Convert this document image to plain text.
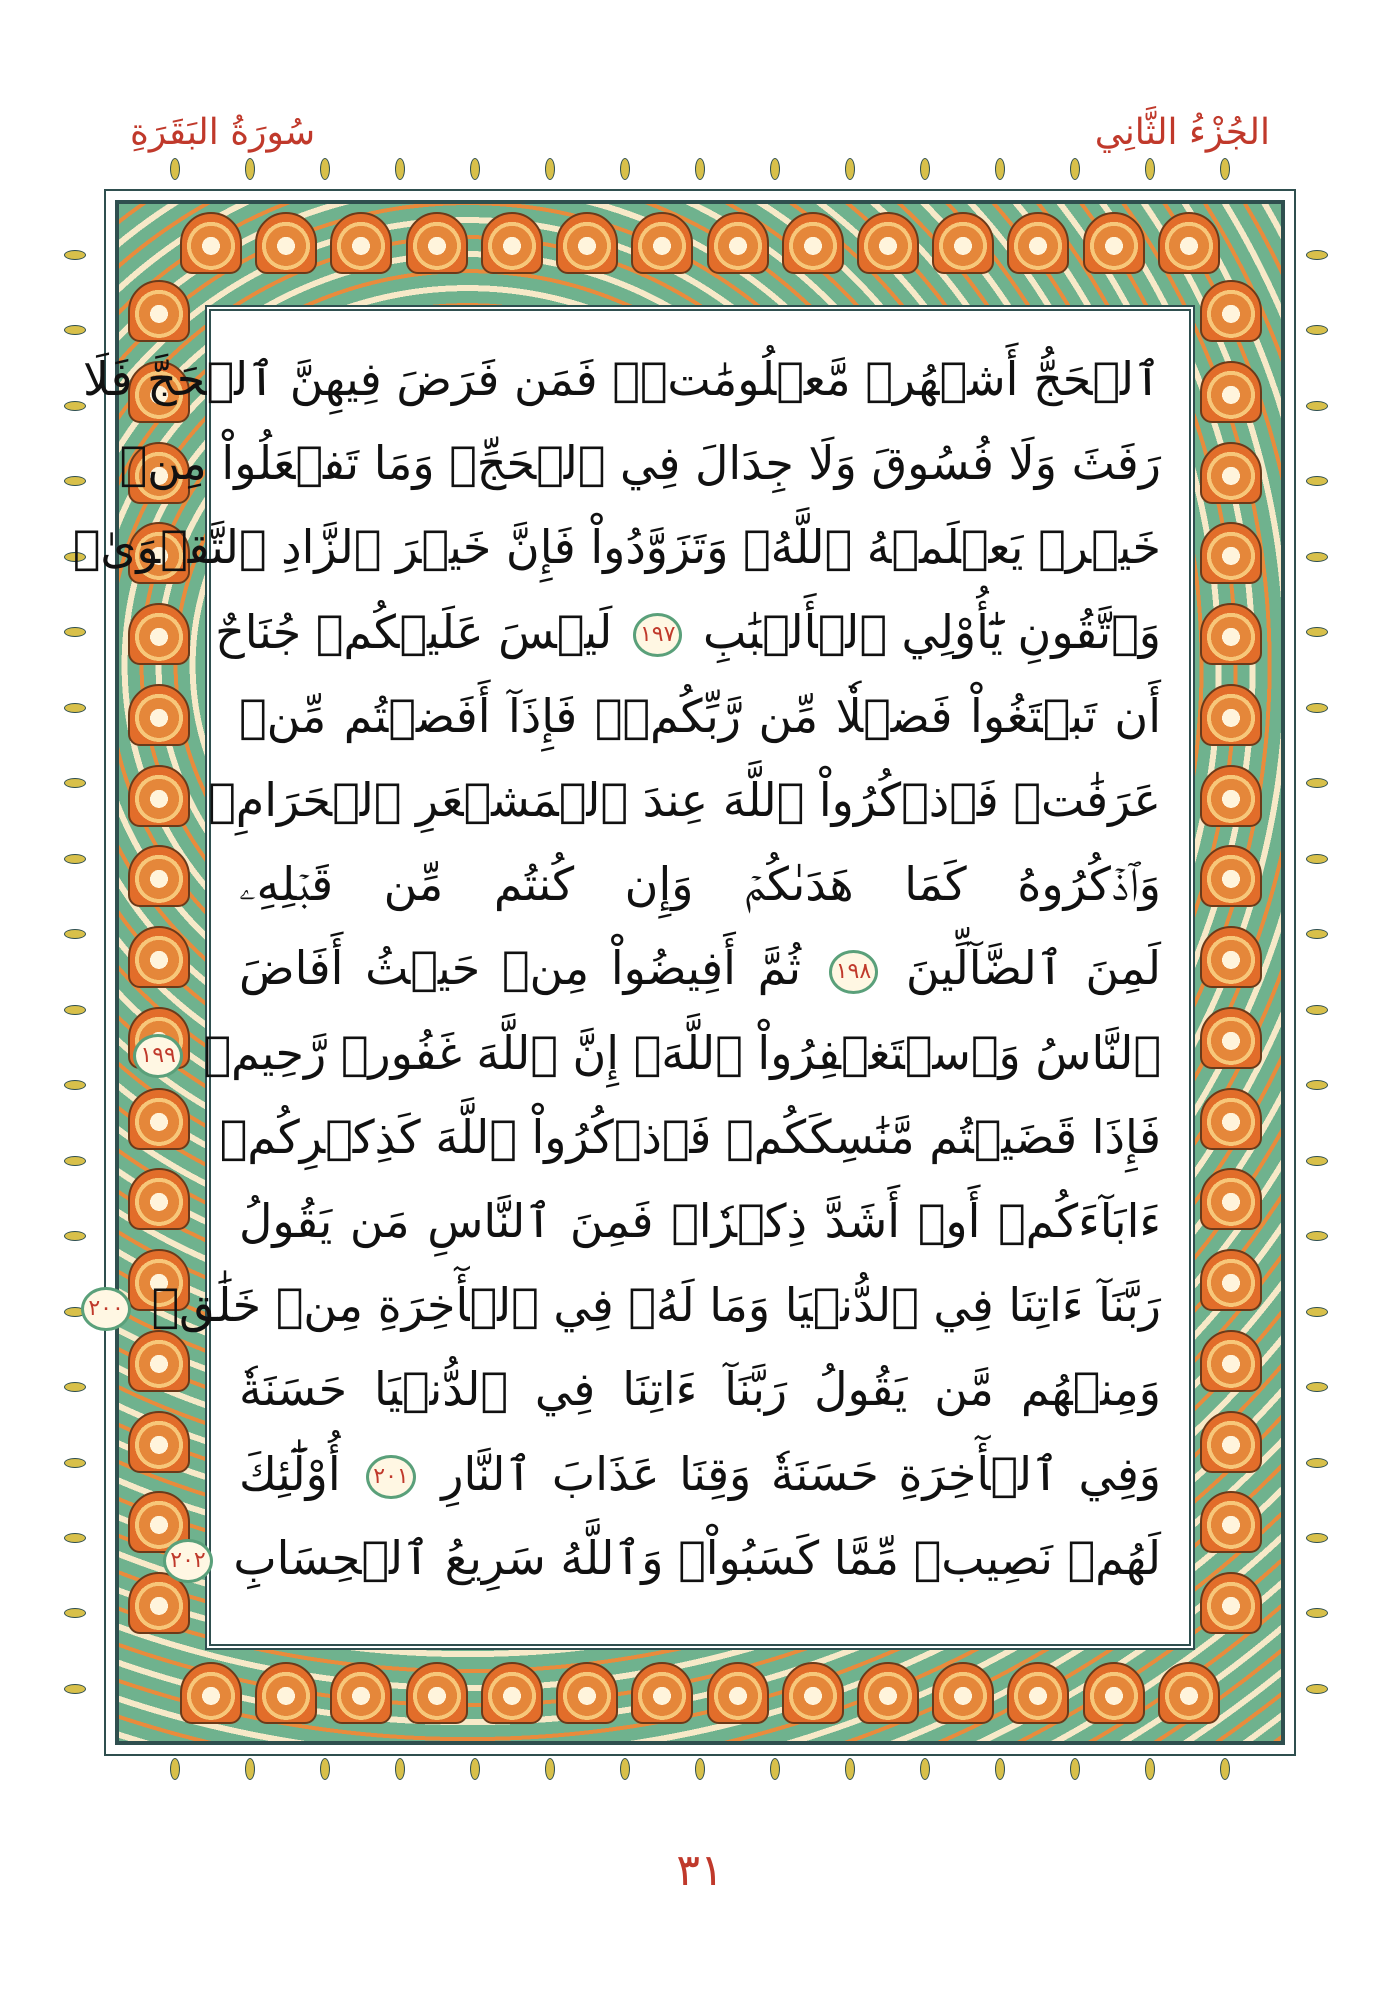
الجُزْءُ الثَّانِي
سُورَةُ البَقَرَةِ
ٱلۡحَجُّ أَشۡهُرٞ مَّعۡلُومَٰتٞۚ فَمَن فَرَضَ فِيهِنَّ ٱلۡحَجَّ فَلَا
رَفَثَ وَلَا فُسُوقَ وَلَا جِدَالَ فِي ٱلۡحَجِّۗ وَمَا تَفۡعَلُواْ مِنۡ
خَيۡرٖ يَعۡلَمۡهُ ٱللَّهُۗ وَتَزَوَّدُواْ فَإِنَّ خَيۡرَ ٱلزَّادِ ٱلتَّقۡوَىٰۖ
وَٱتَّقُونِ يَٰٓأُوْلِي ٱلۡأَلۡبَٰبِ ١٩٧ لَيۡسَ عَلَيۡكُمۡ جُنَاحٌ
أَن تَبۡتَغُواْ فَضۡلٗا مِّن رَّبِّكُمۡۚ فَإِذَآ أَفَضۡتُم مِّنۡ
عَرَفَٰتٖ فَٱذۡكُرُواْ ٱللَّهَ عِندَ ٱلۡمَشۡعَرِ ٱلۡحَرَامِۖ
وَٱذۡكُرُوهُ كَمَا هَدَىٰكُمۡ وَإِن كُنتُم مِّن قَبۡلِهِۦ
لَمِنَ ٱلضَّآلِّينَ ١٩٨ ثُمَّ أَفِيضُواْ مِنۡ حَيۡثُ أَفَاضَ
ٱلنَّاسُ وَٱسۡتَغۡفِرُواْ ٱللَّهَۚ إِنَّ ٱللَّهَ غَفُورٞ رَّحِيمٞ ١٩٩
فَإِذَا قَضَيۡتُم مَّنَٰسِكَكُمۡ فَٱذۡكُرُواْ ٱللَّهَ كَذِكۡرِكُمۡ
ءَابَآءَكُمۡ أَوۡ أَشَدَّ ذِكۡرٗاۗ فَمِنَ ٱلنَّاسِ مَن يَقُولُ
رَبَّنَآ ءَاتِنَا فِي ٱلدُّنۡيَا وَمَا لَهُۥ فِي ٱلۡأٓخِرَةِ مِنۡ خَلَٰقٖ ٢٠٠
وَمِنۡهُم مَّن يَقُولُ رَبَّنَآ ءَاتِنَا فِي ٱلدُّنۡيَا حَسَنَةٗ
وَفِي ٱلۡأٓخِرَةِ حَسَنَةٗ وَقِنَا عَذَابَ ٱلنَّارِ ٢٠١ أُوْلَٰٓئِكَ
لَهُمۡ نَصِيبٞ مِّمَّا كَسَبُواْۚ وَٱللَّهُ سَرِيعُ ٱلۡحِسَابِ ٢٠٢
٣١
